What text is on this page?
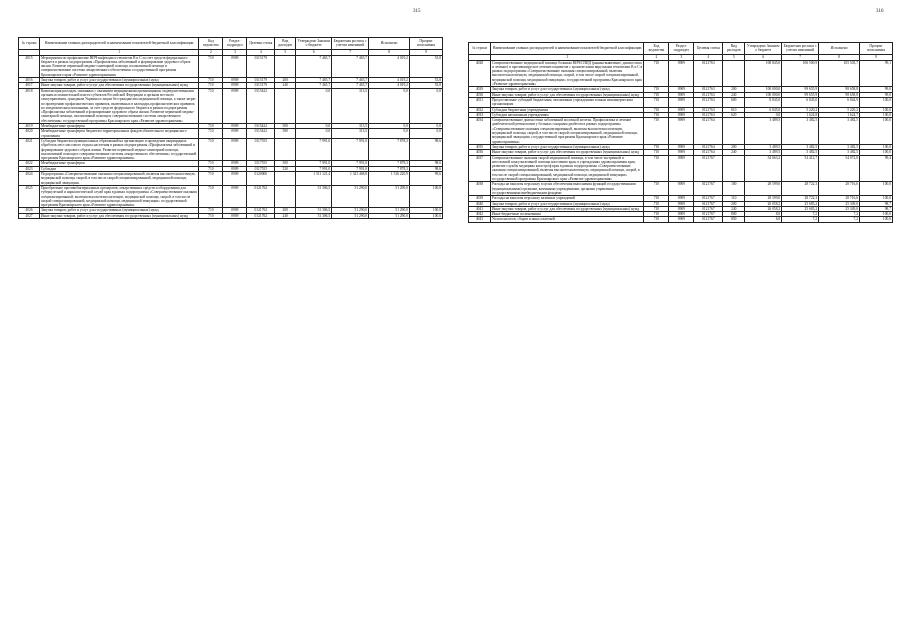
315
№ строки	Наименование главных распорядителей и наименование показателей бюджетной классификации	Код ведомства	Раздел-подраздел	Целевая статья	Вид расходов	Утверждено Законом о бюджете	Бюджетная роспись с учетом изменений	Исполнено	Процент исполнения
	1	2	3	4	5	6	7	8	9
4015	Мероприятия по профилактике ВИЧ-инфекции и гепатитов В и С за счет средств федерального бюджета в рамках подпрограммы «Профилактика заболеваний и формирование здорового образа жизни. Развитие первичной медико-санитарной помощи, паллиативной помощи и совершенствование системы лекарственного обеспечения» государственной программы Красноярского края «Развитие здравоохранения»	710	0909	0115179		7 465,7	7 465,7	4 019,2	53,8
4016	Закупка товаров, работ и услуг для государственных (муниципальных) нужд	710	0909	0115179	200	7 465,7	7 465,7	4 019,2	53,8
4017	Иные закупки товаров, работ и услуг для обеспечения государственных (муниципальных) нужд	710	0909	0115179	240	7 465,7	7 465,7	4 019,2	53,8
4018	Компенсация расходов, связанных с оказанием медицинскими организациями, подведомственными органам исполнительной власти субъектов Российской Федерации и органам местного самоуправления, гражданам Украины и лицам без гражданства медицинской помощи, а также затрат по проведению профилактических прививок, включенных в календарь профилактических прививок по эпидемическим показаниям, за счет средств федерального бюджета в рамках подпрограммы «Профилактика заболеваний и формирование здорового образа жизни. Развитие первичной медико-санитарной помощи, паллиативной помощи и совершенствование системы лекарственного обеспечения» государственной программы Красноярского края «Развитие здравоохранения»	710	0909	0115422		0,0	313,5	0,0	0,0
4019	Межбюджетные трансферты	710	0909	0115422	500	0,0	313,5	0,0	0,0
4020	Межбюджетные трансферты бюджетам территориальных фондов обязательного медицинского страхования	710	0909	0115422	580	0,0	313,5	0,0	0,0
4021	Субсидии бюджетам муниципальных образований на организацию и проведение акарицидных обработок мест массового отдыха населения в рамках подпрограммы «Профилактика заболеваний и формирование здорового образа жизни. Развитие первичной медико-санитарной помощи, паллиативной помощи и совершенствование системы лекарственного обеспечения» государственной программы Красноярского края «Развитие здравоохранения»	710	0909	0117555		7 991,0	7 991,0	7 878,3	98,6
4022	Межбюджетные трансферты	710	0909	0117555	500	7 991,0	7 991,0	7 878,3	98,6
4023	Субсидии	710	0909	0117555	520	7 991,0	7 991,0	7 878,3	98,6
4024	Подпрограмма «Совершенствование оказания специализированной, включая высокотехнологичную, медицинской помощи, скорой, в том числе скорой специализированной, медицинской помощи, медицинской эвакуации»	710	0909	0120000		1 311 121,4	1 321 468,8	1 316 220,9	99,6
4025	Приобретение противобактериальных препаратов, лекарственных средств и оборудования для туберкулезной и наркологической служб края в рамках подпрограммы «Совершенствование оказания специализированной, включая высокотехнологичную, медицинской помощи, скорой, в том числе скорой специализированной, медицинской помощи, медицинской эвакуации» государственной программы Красноярского края «Развитие здравоохранения»	710	0909	0121762		51 306,5	51 290,0	51 290,0	100,0
4026	Закупка товаров, работ и услуг для государственных (муниципальных) нужд	710	0909	0121762	200	51 306,5	51 290,0	51 290,0	100,0
4027	Иные закупки товаров, работ и услуг для обеспечения государственных (муниципальных) нужд	710	0909	0121762	240	51 306,5	51 290,0	51 290,0	100,0
316
№ строки	Наименование главных распорядителей и наименование показателей бюджетной классификации	Код ведомства	Раздел-подраздел	Целевая статья	Вид расходов	Утверждено Законом о бюджете	Бюджетная роспись с учетом изменений	Исполнено	Процент исполнения
	1	2	3	4	5	6	7	8	9
4028	Совершенствование медицинской помощи больным ВИЧ/СПИД (ранняя выявление, диагностика и лечение) и противовирусное лечение пациентов с хроническими вирусными гепатитами В и С в рамках подпрограммы «Совершенствование оказания специализированной, включая высокотехнологичную, медицинской помощи, скорой, в том числе скорой специализированной, медицинской помощи, медицинской эвакуации» государственной программы Красноярского края «Развитие здравоохранения»	710	0909	0121763		108 845,0	106 500,9	105 503,7	99,1
4029	Закупка товаров, работ и услуг для государственных (муниципальных) нужд	710	0909	0121763	200	100 000,0	99 655,9	98 658,8	99,0
4030	Иные закупки товаров, работ и услуг для обеспечения государственных (муниципальных) нужд	710	0909	0121763	240	100 000,0	99 655,9	98 658,8	99,0
4031	Предоставление субсидий бюджетным, автономным учреждениям и иным некоммерческим организациям	710	0909	0121763	600	8 845,0	6 845,0	6 844,9	100,0
4032	Субсидии бюджетным учреждениям	710	0909	0121763	610	6 845,0	5 220,2	5 220,2	100,0
4033	Субсидии автономным учреждениям	710	0909	0121763	620	0,0	1 624,8	1 624,7	100,0
4034	Совершенствование диагностики заболеваний молочной железы. Профилактика и лечение диабетической ретинопатии у больных сахарным диабетом в рамках подпрограммы «Совершенствование оказания специализированной, включая высокотехнологичную, медицинской помощи, скорой, в том числе скорой специализированной, медицинской помощи, медицинской эвакуации» государственной программы Красноярского края «Развитие здравоохранения»	710	0909	0121764		3 489,5	3 482,5	3 482,5	100,0
4035	Закупка товаров, работ и услуг для государственных (муниципальных) нужд	710	0909	0121764	200	3 489,5	3 482,5	3 482,5	100,0
4036	Иные закупки товаров, работ и услуг для обеспечения государственных (муниципальных) нужд	710	0909	0121764	240	3 489,5	3 482,5	3 482,5	100,0
4037	Совершенствование оказания скорой медицинской помощи, в том числе экстренной и неотложной консультативной помощи населению края, в учреждениях здравоохранения края, развитие службы медицины катастроф края в рамках подпрограммы «Совершенствование оказания специализированной, включая высокотехнологичную, медицинской помощи, скорой, в том числе скорой специализированной, медицинской помощи, медицинской эвакуации» государственной программы Красноярского края «Развитие здравоохранения»	710	0909	0121767		54 663,2	54 412,7	54 072,8	99,4
4038	Расходы на выплаты персоналу в целях обеспечения выполнения функций государственными (муниципальными) органами, казенными учреждениями, органами управления государственными внебюджетными фондами	710	0909	0121767	100	28 599,0	28 722,3	28 716,6	100,0
4039	Расходы на выплаты персоналу казенных учреждений	710	0909	0121767	110	28 599,0	28 722,3	28 716,6	100,0
4040	Закупка товаров, работ и услуг для государственных (муниципальных) нужд	710	0909	0121767	200	26 058,2	25 683,2	25 349,0	98,7
4041	Иные закупки товаров, работ и услуг для обеспечения государственных (муниципальных) нужд	710	0909	0121767	240	26 058,2	25 683,2	25 349,0	98,7
4042	Иные бюджетные ассигнования	710	0909	0121767	800	8,0	7,2	7,2	100,0
4043	Уплата налогов, сборов и иных платежей	710	0909	0121767	850	6,0	7,2	7,2	100,0
